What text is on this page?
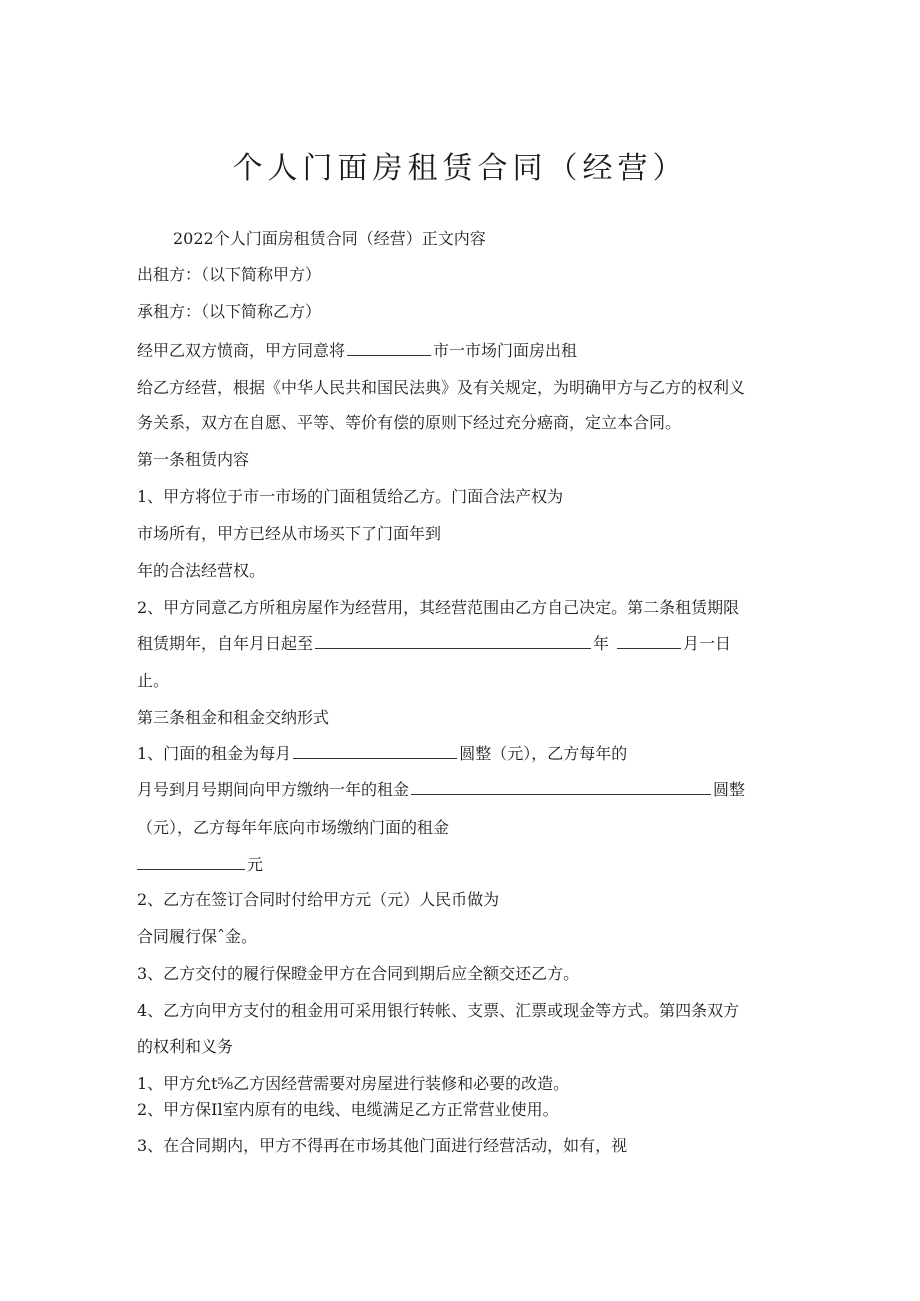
个人门面房租赁合同（经营）

2022个人门面房租赁合同（经营）正文内容

出租方：（以下简称甲方）

承租方：（以下简称乙方）

经甲乙双方愤商，甲方同意将	市一市场门面房出租

给乙方经营，根据《中华人民共和国民法典》及有关规定，为明确甲方与乙方的权利义

务关系，双方在自愿、平等、等价有偿的原则下经过充分癌商，定立本合同。

第一条租赁内容

1、甲方将位于市一市场的门面租赁给乙方。门面合法产权为

市场所有，甲方已经从市场买下了门面年到

年的合法经营权。

2、甲方同意乙方所租房屋作为经营用，其经营范围由乙方自己决定。第二条租赁期限

租赁期年，自年月日起至	年	月一日

止。

第三条租金和租金交纳形式

1、门面的租金为每月	圆整（元），乙方每年的

月号到月号期间向甲方缴纳一年的租金	圆整

（元），乙方每年年底向市场缴纳门面的租金

元

2、乙方在签订合同时付给甲方元（元）人民币做为

合同履行保ˆ金。

3、乙方交付的履行保瞪金甲方在合同到期后应全额交还乙方。

4、乙方向甲方支付的租金用可采用银行转帐、支票、汇票或现金等方式。第四条双方

的权利和义务

1、甲方允t⅝乙方因经营需要对房屋进行装修和必要的改造。

2、甲方保Il室内原有的电线、电缆满足乙方正常营业使用。

3、在合同期内，甲方不得再在市场其他门面进行经营活动，如有，视
